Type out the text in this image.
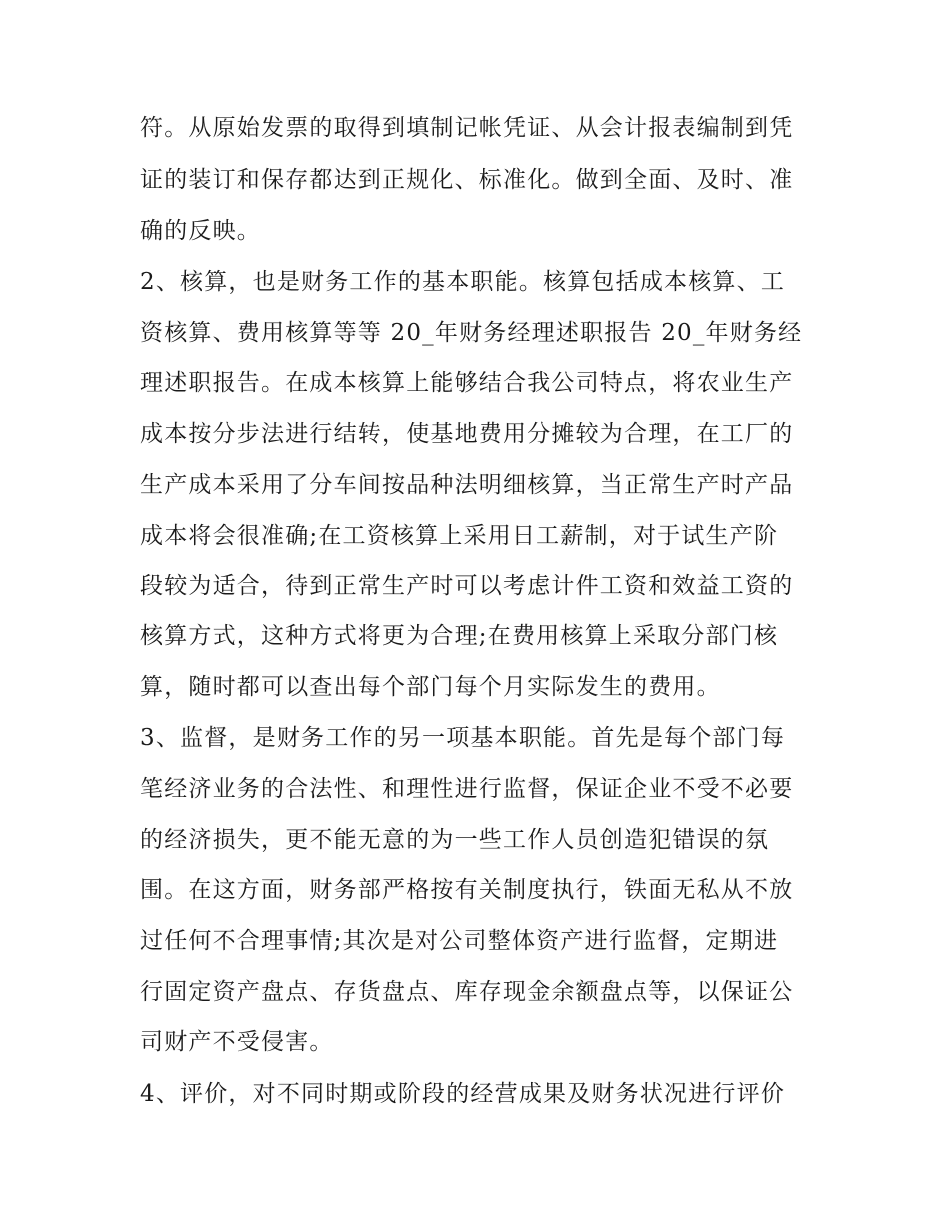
符。从原始发票的取得到填制记帐凭证、从会计报表编制到凭
证的装订和保存都达到正规化、标准化。做到全面、及时、准
确的反映。
2、核算，也是财务工作的基本职能。核算包括成本核算、工
资核算、费用核算等等 20_年财务经理述职报告 20_年财务经
理述职报告。在成本核算上能够结合我公司特点，将农业生产
成本按分步法进行结转，使基地费用分摊较为合理，在工厂的
生产成本采用了分车间按品种法明细核算，当正常生产时产品
成本将会很准确;在工资核算上采用日工薪制，对于试生产阶
段较为适合，待到正常生产时可以考虑计件工资和效益工资的
核算方式，这种方式将更为合理;在费用核算上采取分部门核
算，随时都可以查出每个部门每个月实际发生的费用。
3、监督，是财务工作的另一项基本职能。首先是每个部门每
笔经济业务的合法性、和理性进行监督，保证企业不受不必要
的经济损失，更不能无意的为一些工作人员创造犯错误的氛
围。在这方面，财务部严格按有关制度执行，铁面无私从不放
过任何不合理事情;其次是对公司整体资产进行监督，定期进
行固定资产盘点、存货盘点、库存现金余额盘点等，以保证公
司财产不受侵害。
4、评价，对不同时期或阶段的经营成果及财务状况进行评价
